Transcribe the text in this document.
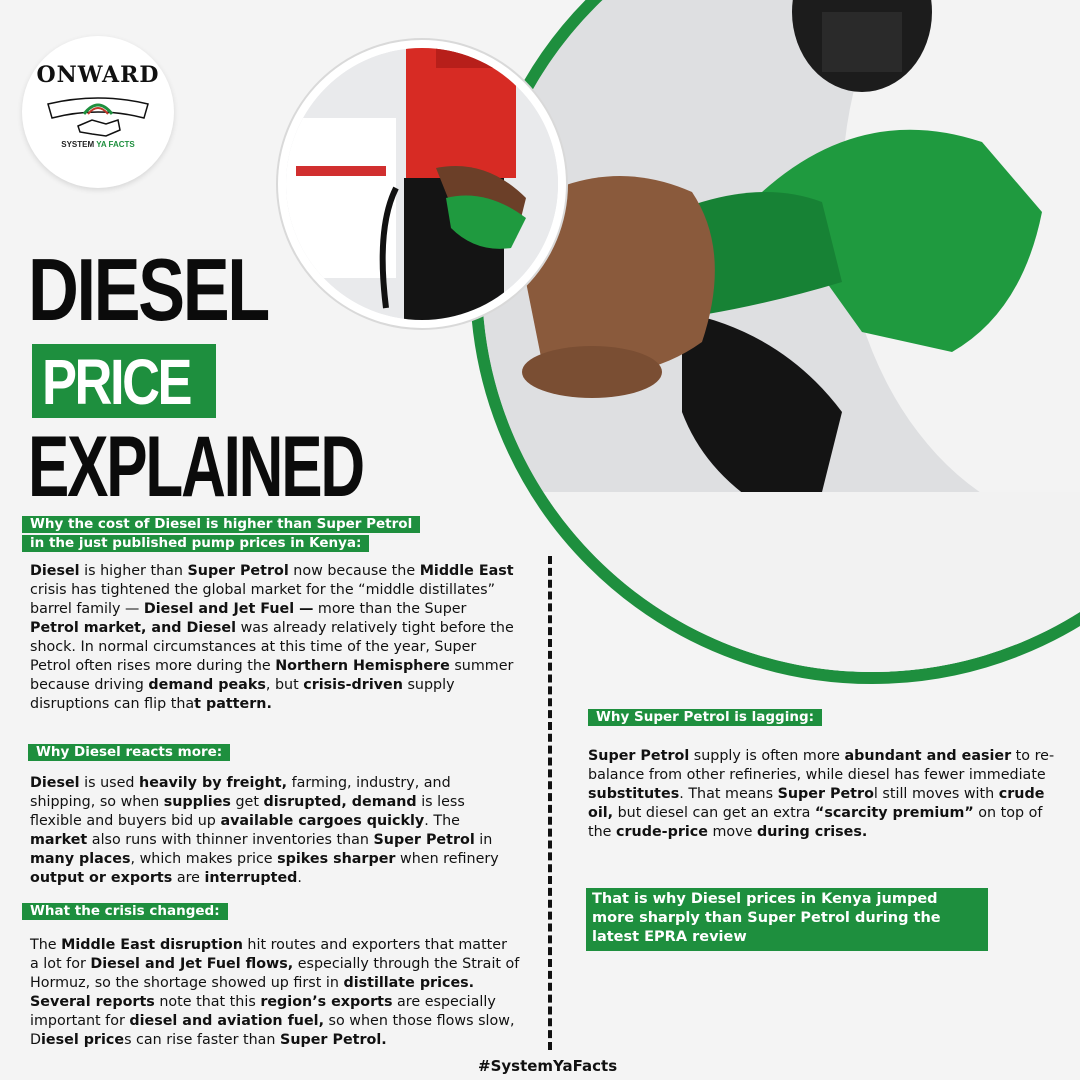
ONWARD
SYSTEM YA FACTS
DIESEL
PRICE
EXPLAINED
Why the cost of Diesel is higher than Super Petrol
in the just published pump prices in Kenya:
Diesel is higher than Super Petrol now because the Middle East crisis has tightened the global market for the “middle distillates” barrel family — Diesel and Jet Fuel — more than the Super Petrol market, and Diesel was already relatively tight before the shock. In normal circumstances at this time of the year, Super Petrol often rises more during the Northern Hemisphere summer because driving demand peaks, but crisis-driven supply disruptions can flip that pattern.
Why Diesel reacts more:
Diesel is used heavily by freight, farming, industry, and shipping, so when supplies get disrupted, demand is less flexible and buyers bid up available cargoes quickly. The market also runs with thinner inventories than Super Petrol in many places, which makes price spikes sharper when refinery output or exports are interrupted.
What the crisis changed:
The Middle East disruption hit routes and exporters that matter a lot for Diesel and Jet Fuel flows, especially through the Strait of Hormuz, so the shortage showed up first in distillate prices. Several reports note that this region’s exports are especially important for diesel and aviation fuel, so when those flows slow, Diesel prices can rise faster than Super Petrol.
Why Super Petrol is lagging:
Super Petrol supply is often more abundant and easier to re-balance from other refineries, while diesel has fewer immediate substitutes. That means Super Petrol still moves with crude oil, but diesel can get an extra “scarcity premium” on top of the crude-price move during crises.
That is why Diesel prices in Kenya jumped more sharply than Super Petrol during the latest EPRA review
#SystemYaFacts
